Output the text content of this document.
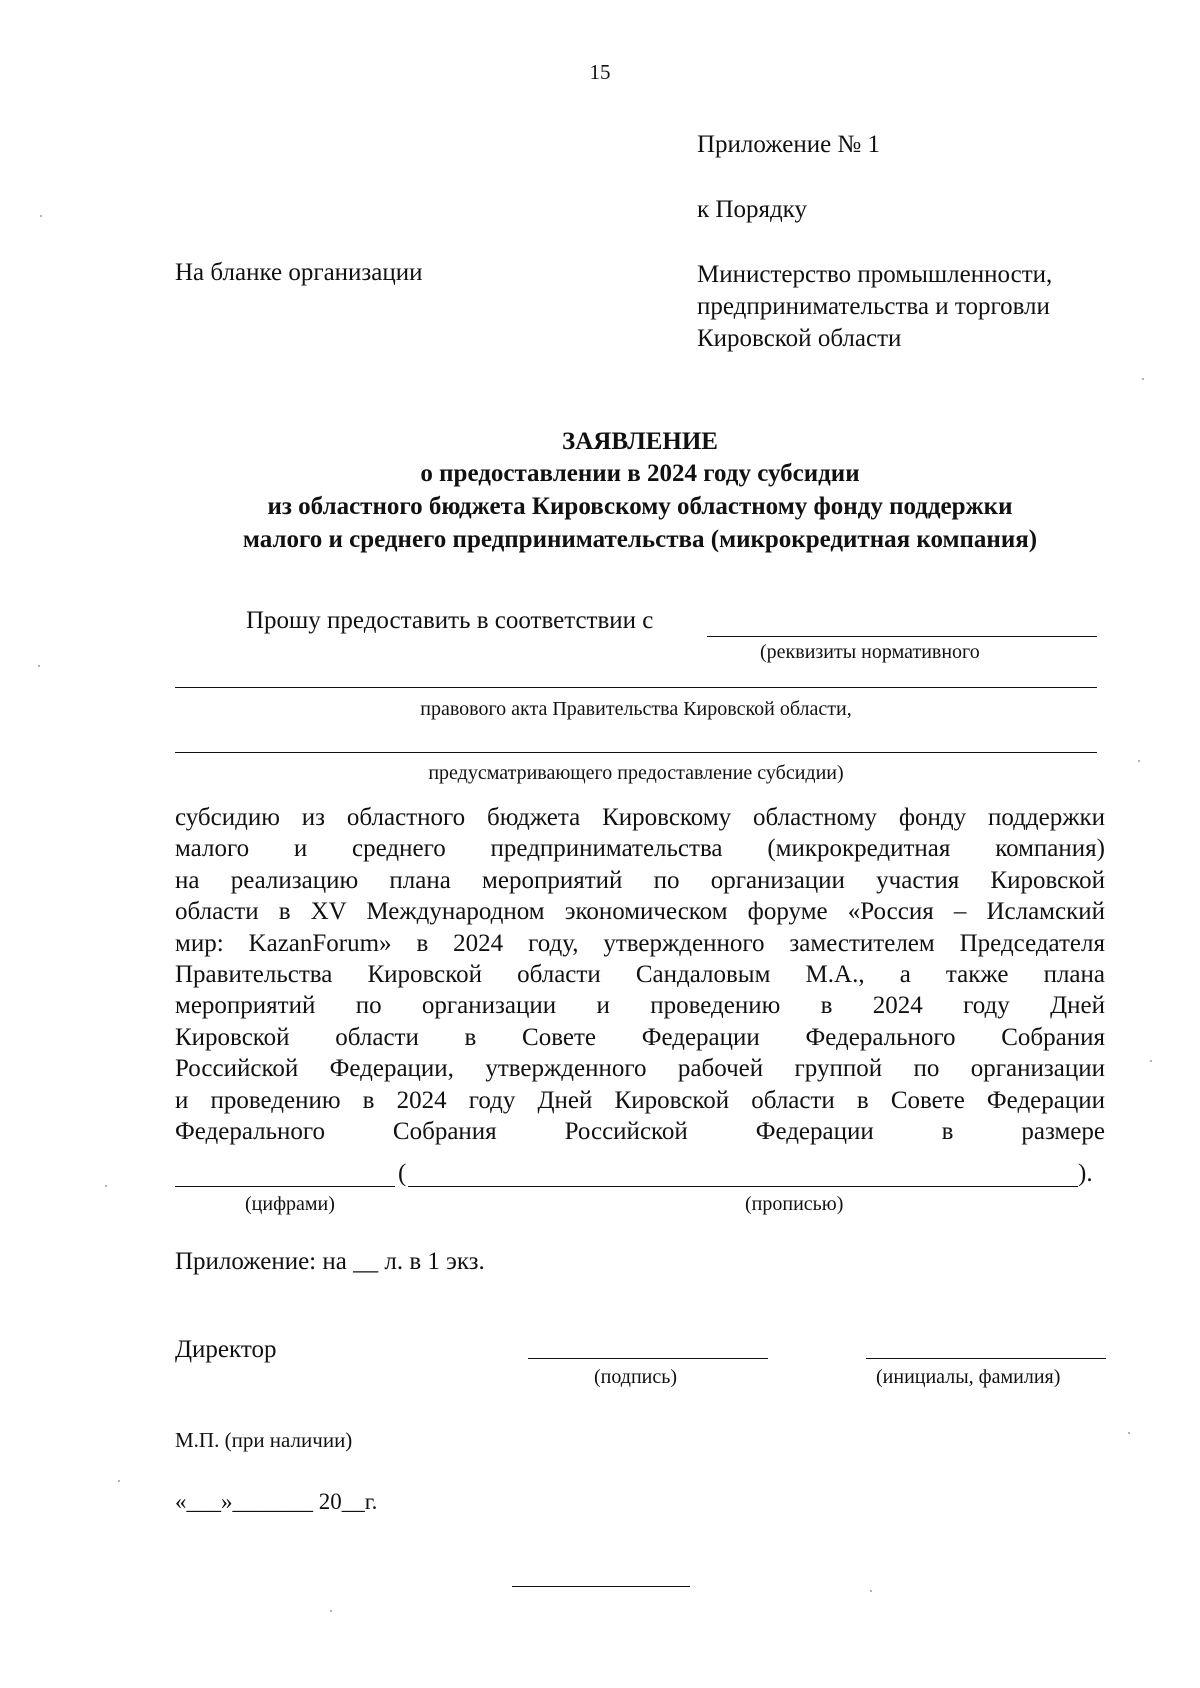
15
Приложение № 1
к Порядку
На бланке организации	Министерство промышленности,
предпринимательства и торговли
Кировской области
ЗАЯВЛЕНИЕ
о предоставлении в 2024 году субсидии
из областного бюджета Кировскому областному фонду поддержки
малого и среднего предпринимательства (микрокредитная компания)
Прошу предоставить в соответствии с
(реквизиты нормативного
правового акта Правительства Кировской области,
предусматривающего предоставление субсидии)
субсидию из областного бюджета Кировскому областному фонду поддержки
малого и среднего предпринимательства (микрокредитная компания)
на реализацию плана мероприятий по организации участия Кировской
области в XV Международном экономическом форуме «Россия – Исламский
мир: KazanForum» в 2024 году, утвержденного заместителем Председателя
Правительства Кировской области Сандаловым М.А., а также плана
мероприятий по организации и проведению в 2024 году Дней
Кировской области в Совете Федерации Федерального Собрания
Российской Федерации, утвержденного рабочей группой по организации
и проведению в 2024 году Дней Кировской области в Совете Федерации
Федерального Собрания Российской Федерации в размере
(	).
(цифрами)	(прописью)
Приложение: на __ л. в 1 экз.
Директор
(подпись)	(инициалы, фамилия)
М.П. (при наличии)
«___»_______ 20__г.
